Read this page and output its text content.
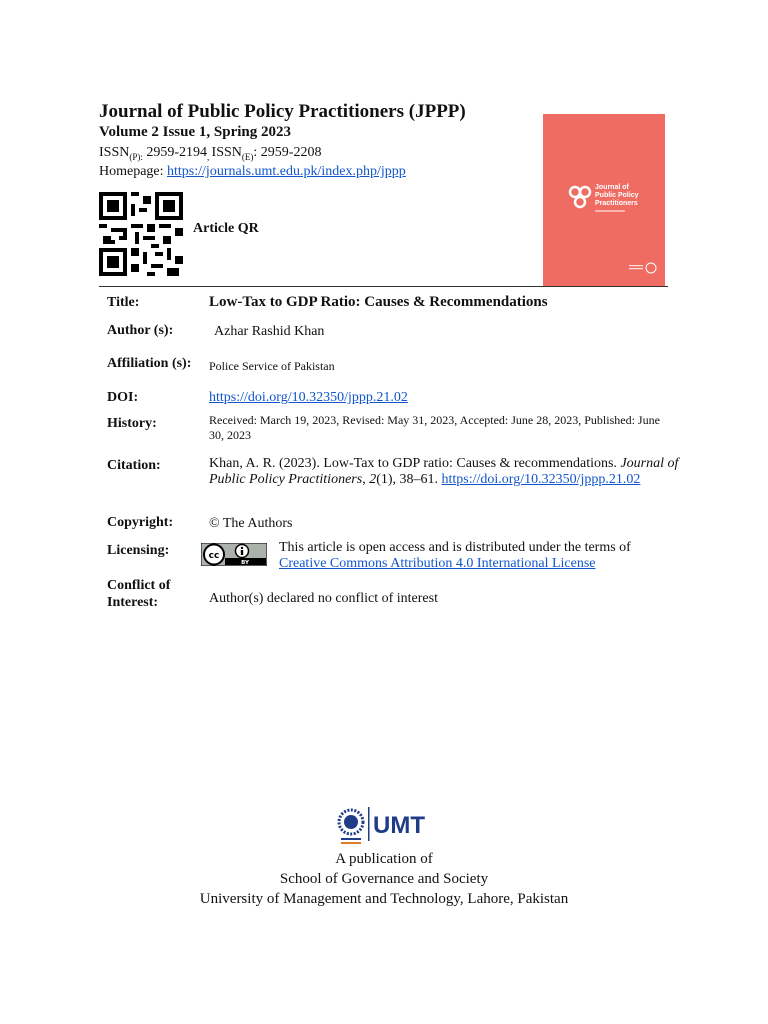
Journal of Public Policy Practitioners (JPPP)
Volume 2 Issue 1, Spring 2023
$ISSN_{(P):}$ $2959-2194_,$ $ISSN_{(E)}$: 2959-2208
Homepage: https://journals.umt.edu.pk/index.php/jppp
Article QR
Journal of
Public Policy
Practitioners
Title:	Low-Tax to GDP Ratio: Causes & Recommendations
Author (s):	Azhar Rashid Khan
Affiliation (s): Police Service of Pakistan
DOI:	https://doi.org/10.32350/jppp.21.02
History:	Received: March 19, 2023, Revised: May 31, 2023, Accepted: June 28, 2023, Published: June 30, 2023
Citation:	Khan, A. R. (2023). Low-Tax to GDP ratio: Causes & recommendations. Journal of Public Policy Practitioners, 2(1), 38–61. https://doi.org/10.32350/jppp.21.02
Copyright:	© The Authors
Licensing:	cc
BY
This article is open access and is distributed under the terms of Creative Commons Attribution 4.0 International License
Conflict of
Interest:	Author(s) declared no conflict of interest
UMT
A publication of
School of Governance and Society
University of Management and Technology, Lahore, Pakistan
